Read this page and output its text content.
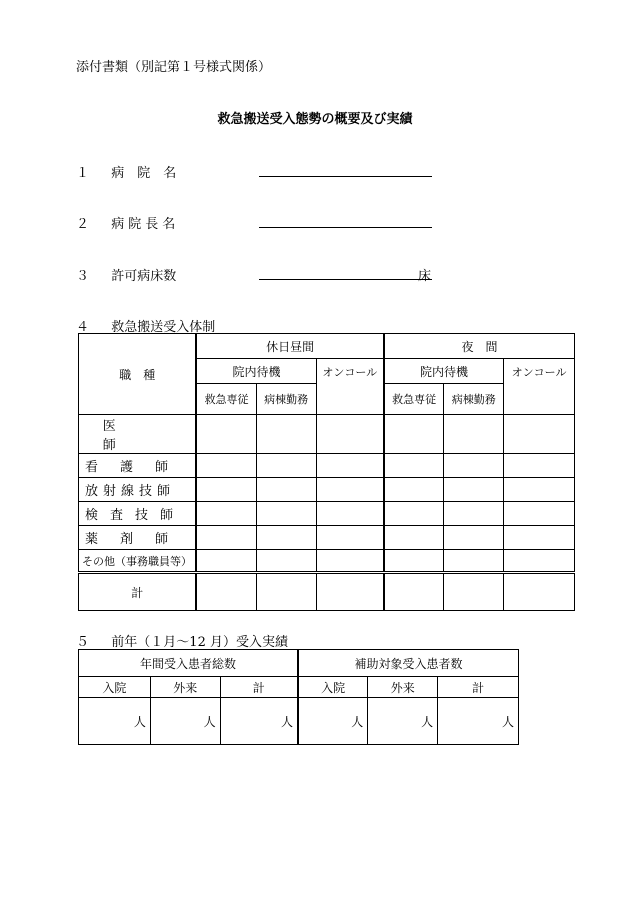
添付書類（別記第１号様式関係）
救急搬送受入態勢の概要及び実績
１ 病　院　名
２ 病院長名
３ 許可病床数	床
４ 救急搬送受入体制
職　種	休日昼間			夜　間		
	院内待機		オンコール	院内待機		オンコール
	救急専従	病棟勤務		救急専従	病棟勤務	

医師						

看護師						

放射線技師						

検査技師						

薬剤師						

その他（事務職員等）						

計						
５ 前年（１月～12 月）受入実績
年間受入患者総数			補助対象受入患者数		
入院	外来	計	入院	外来	計
人	人	人	人	人	人
